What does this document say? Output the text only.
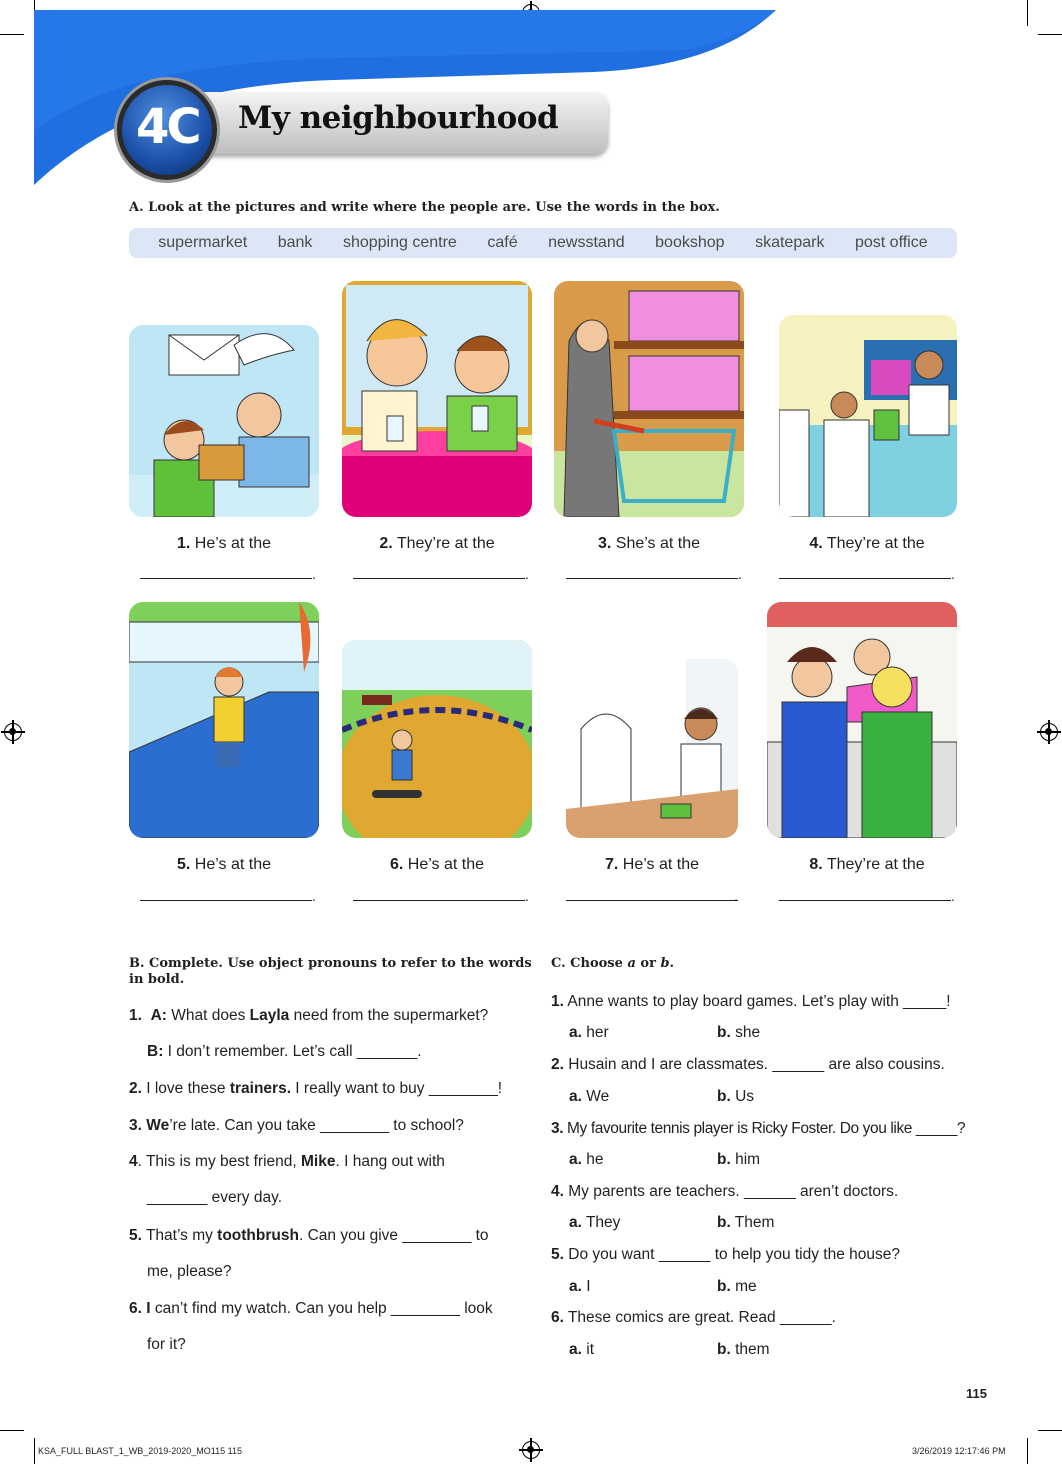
4C My neighbourhood
A. Look at the pictures and write where the people are. Use the words in the box.
supermarket bank shopping centre café newsstand bookshop skatepark post office
1. He’s at the	2. They’re at the	3. She’s at the	4. They’re at the
.	.	.	.
5. He’s at the	6. He’s at the	7. He’s at the	8. They’re at the
.	.	.	.
B. Complete. Use object pronouns to refer to the words
in bold.
1. A: What does Layla need from the supermarket?
B: I don’t remember. Let’s call _______.
2. I love these trainers. I really want to buy ________!
3. We’re late. Can you take ________ to school?
4. This is my best friend, Mike. I hang out with
_______ every day.
5. That’s my toothbrush. Can you give ________ to
me, please?
6. I can’t find my watch. Can you help ________ look
for it?
C. Choose a or b.
1. Anne wants to play board games. Let’s play with _____!
a. her	b. she
2. Husain and I are classmates. ______ are also cousins.
a. We	b. Us
3. My favourite tennis player is Ricky Foster. Do you like _____?
a. he	b. him
4. My parents are teachers. ______ aren’t doctors.
a. They	b. Them
5. Do you want ______ to help you tidy the house?
a. I	b. me
6. These comics are great. Read ______.
a. it	b. them
115
KSA_FULL BLAST_1_WB_2019-2020_MO115 115	3/26/2019 12:17:46 PM
